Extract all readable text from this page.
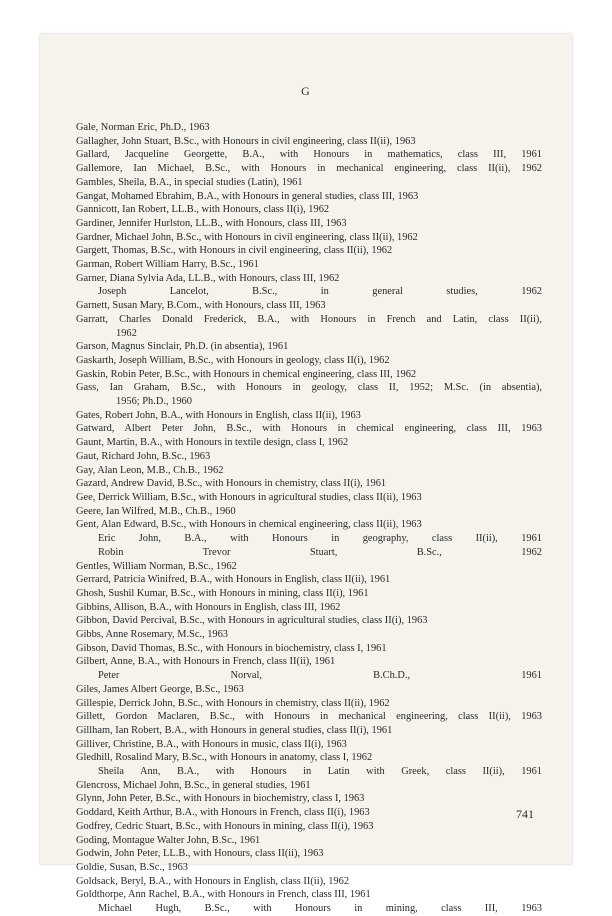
G
Gale, Norman Eric, Ph.D., 1963
Gallagher, John Stuart, B.Sc., with Honours in civil engineering, class II(ii), 1963
Gallard, Jacqueline Georgette, B.A., with Honours in mathematics, class III, 1961
Gallemore, Ian Michael, B.Sc., with Honours in mechanical engineering, class II(ii), 1962
Gambles, Sheila, B.A., in special studies (Latin), 1961
Gangat, Mohamed Ebrahim, B.A., with Honours in general studies, class III, 1963
Gannicott, Ian Robert, LL.B., with Honours, class II(i), 1962
Gardiner, Jennifer Hurlston, LL.B., with Honours, class III, 1963
Gardner, Michael John, B.Sc., with Honours in civil engineering, class II(ii), 1962
Gargett, Thomas, B.Sc., with Honours in civil engineering, class II(ii), 1962
Garman, Robert William Harry, B.Sc., 1961
Garner, Diana Sylvia Ada, LL.B., with Honours, class III, 1962
Joseph Lancelot, B.Sc., in general studies, 1962
Garnett, Susan Mary, B.Com., with Honours, class III, 1963
Garratt, Charles Donald Frederick, B.A., with Honours in French and Latin, class II(ii),
1962
Garson, Magnus Sinclair, Ph.D. (in absentia), 1961
Gaskarth, Joseph William, B.Sc., with Honours in geology, class II(i), 1962
Gaskin, Robin Peter, B.Sc., with Honours in chemical engineering, class III, 1962
Gass, Ian Graham, B.Sc., with Honours in geology, class II, 1952; M.Sc. (in absentia),
1956; Ph.D., 1960
Gates, Robert John, B.A., with Honours in English, class II(ii), 1963
Gatward, Albert Peter John, B.Sc., with Honours in chemical engineering, class III, 1963
Gaunt, Martin, B.A., with Honours in textile design, class I, 1962
Gaut, Richard John, B.Sc., 1963
Gay, Alan Leon, M.B., Ch.B., 1962
Gazard, Andrew David, B.Sc., with Honours in chemistry, class II(i), 1961
Gee, Derrick William, B.Sc., with Honours in agricultural studies, class II(ii), 1963
Geere, Ian Wilfred, M.B., Ch.B., 1960
Gent, Alan Edward, B.Sc., with Honours in chemical engineering, class II(ii), 1963
Eric John, B.A., with Honours in geography, class II(ii), 1961
Robin Trevor Stuart, B.Sc., 1962
Gentles, William Norman, B.Sc., 1962
Gerrard, Patricia Winifred, B.A., with Honours in English, class II(ii), 1961
Ghosh, Sushil Kumar, B.Sc., with Honours in mining, class II(i), 1961
Gibbins, Allison, B.A., with Honours in English, class III, 1962
Gibbon, David Percival, B.Sc., with Honours in agricultural studies, class II(i), 1963
Gibbs, Anne Rosemary, M.Sc., 1963
Gibson, David Thomas, B.Sc., with Honours in biochemistry, class I, 1961
Gilbert, Anne, B.A., with Honours in French, class II(ii), 1961
Peter Norval, B.Ch.D., 1961
Giles, James Albert George, B.Sc., 1963
Gillespie, Derrick John, B.Sc., with Honours in chemistry, class II(ii), 1962
Gillett, Gordon Maclaren, B.Sc., with Honours in mechanical engineering, class II(ii), 1963
Gillham, Ian Robert, B.A., with Honours in general studies, class II(i), 1961
Gilliver, Christine, B.A., with Honours in music, class II(i), 1963
Gledhill, Rosalind Mary, B.Sc., with Honours in anatomy, class I, 1962
Sheila Ann, B.A., with Honours in Latin with Greek, class II(ii), 1961
Glencross, Michael John, B.Sc., in general studies, 1961
Glynn, John Peter, B.Sc., with Honours in biochemistry, class I, 1963
Goddard, Keith Arthur, B.A., with Honours in French, class II(i), 1963
Godfrey, Cedric Stuart, B.Sc., with Honours in mining, class II(i), 1963
Goding, Montague Walter John, B.Sc., 1961
Godwin, John Peter, LL.B., with Honours, class II(ii), 1963
Goldie, Susan, B.Sc., 1963
Goldsack, Beryl, B.A., with Honours in English, class II(ii), 1962
Goldthorpe, Ann Rachel, B.A., with Honours in French, class III, 1961
Michael Hugh, B.Sc., with Honours in mining, class III, 1963
741
